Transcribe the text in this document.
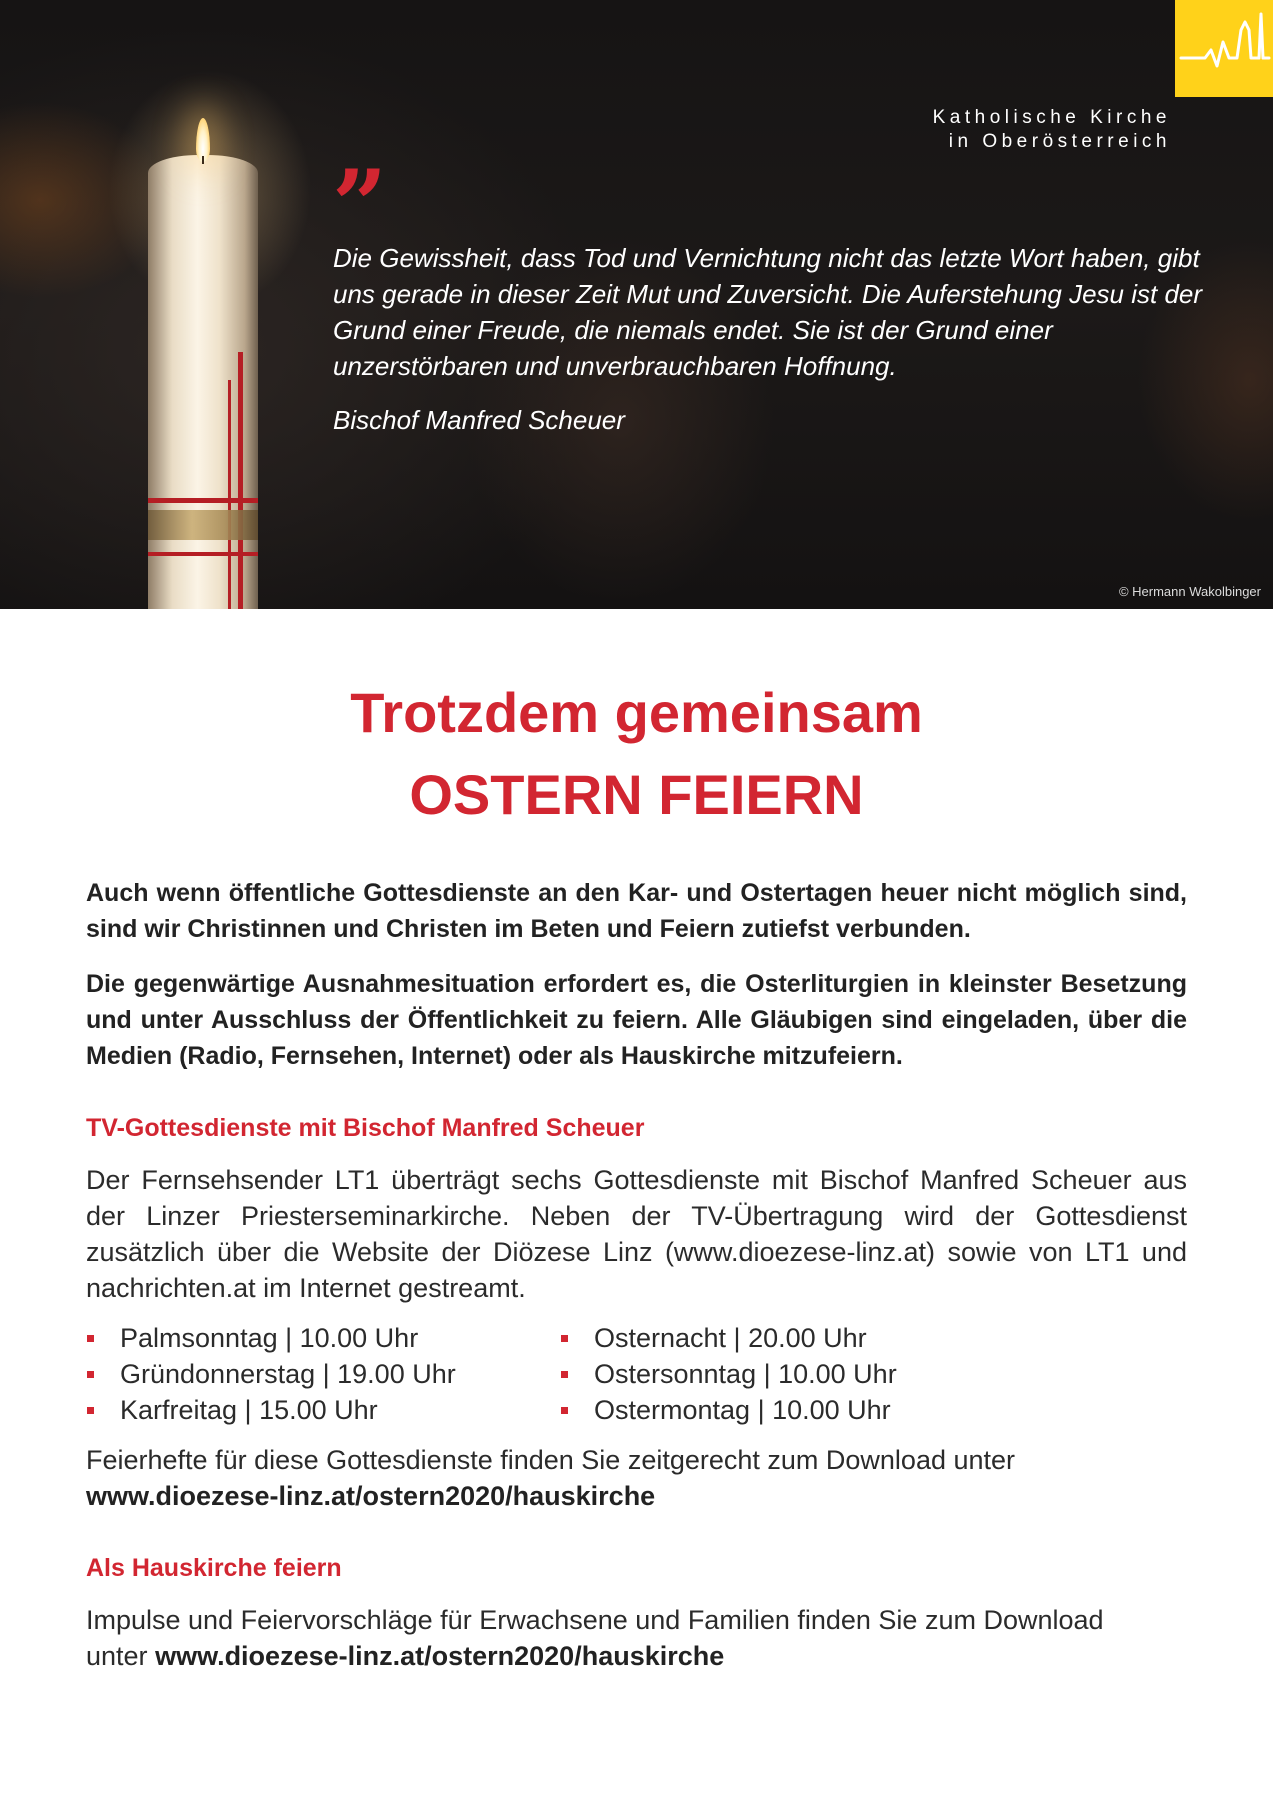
Katholische Kirche
in Oberösterreich
”

Die Gewissheit, dass Tod und Vernichtung nicht das letzte Wort haben, gibt uns gerade in dieser Zeit Mut und Zuversicht. Die Auferstehung Jesu ist der Grund einer Freude, die niemals endet. Sie ist der Grund einer unzerstörbaren und unverbrauchbaren Hoffnung.

Bischof Manfred Scheuer
© Hermann Wakolbinger
Trotzdem gemeinsam
OSTERN FEIERN

Auch wenn öffentliche Gottesdienste an den Kar- und Ostertagen heuer nicht möglich sind, sind wir Christinnen und Christen im Beten und Feiern zutiefst verbunden.

Die gegenwärtige Ausnahmesituation erfordert es, die Osterliturgien in kleinster Besetzung und unter Ausschluss der Öffentlichkeit zu feiern. Alle Gläubigen sind eingeladen, über die Medien (Radio, Fernsehen, Internet) oder als Hauskirche mitzufeiern.

TV-Gottesdienste mit Bischof Manfred Scheuer

Der Fernsehsender LT1 überträgt sechs Gottesdienste mit Bischof Manfred Scheuer aus der Linzer Priesterseminarkirche. Neben der TV-Übertragung wird der Gottesdienst zusätzlich über die Website der Diözese Linz (www.dioezese-linz.at) sowie von LT1 und nachrichten.at im Internet gestreamt.

Palmsonntag | 10.00 Uhr
Gründonnerstag | 19.00 Uhr
Karfreitag | 15.00 Uhr
Osternacht | 20.00 Uhr
Ostersonntag | 10.00 Uhr
Ostermontag | 10.00 Uhr

Feierhefte für diese Gottesdienste finden Sie zeitgerecht zum Download unter
www.dioezese-linz.at/ostern2020/hauskirche

Als Hauskirche feiern

Impulse und Feiervorschläge für Erwachsene und Familien finden Sie zum Download
unter www.dioezese-linz.at/ostern2020/hauskirche
